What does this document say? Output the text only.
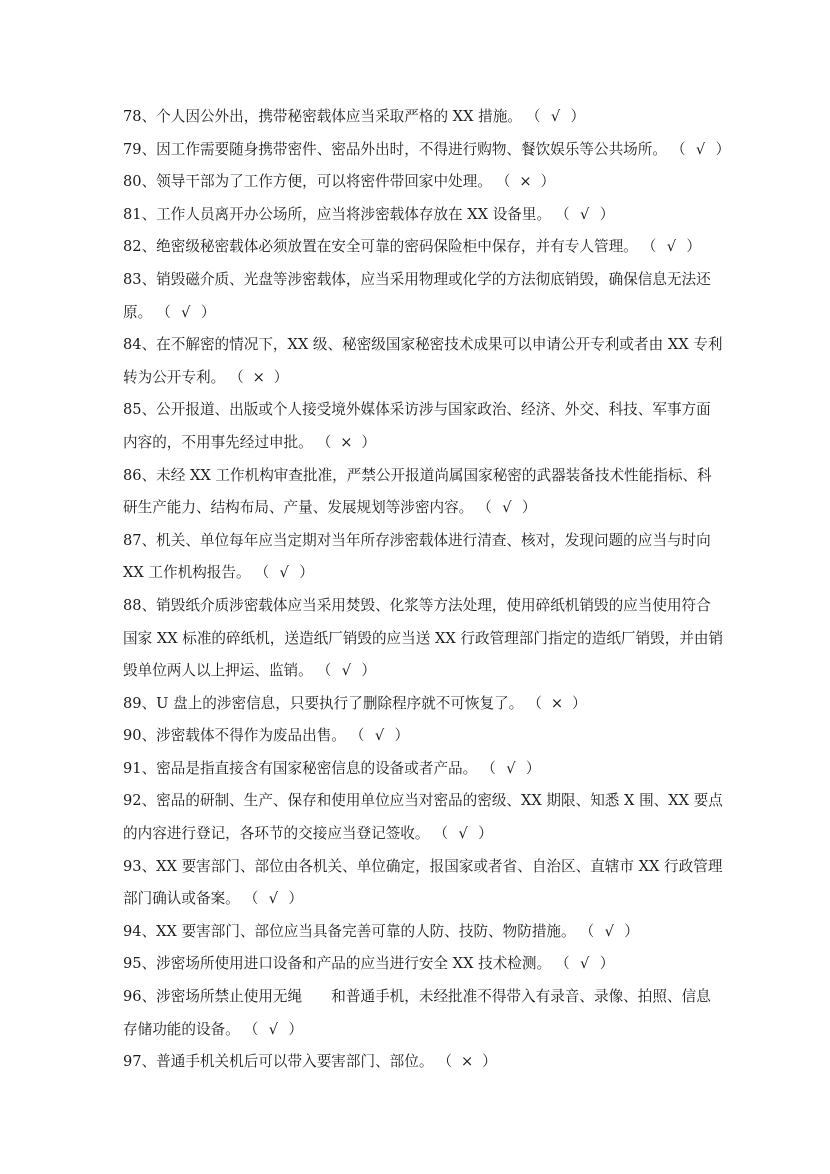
78、个人因公外出，携带秘密载体应当采取严格的 XX 措施。 （ √ ）
79、因工作需要随身携带密件、密品外出时，不得进行购物、餐饮娱乐等公共场所。 （ √ ）
80、领导干部为了工作方便，可以将密件带回家中处理。 （ × ）
81、工作人员离开办公场所，应当将涉密载体存放在 XX 设备里。 （ √ ）
82、绝密级秘密载体必须放置在安全可靠的密码保险柜中保存，并有专人管理。 （ √ ）
83、销毁磁介质、光盘等涉密载体，应当采用物理或化学的方法彻底销毁，确保信息无法还
原。 （ √ ）
84、在不解密的情况下，XX 级、秘密级国家秘密技术成果可以申请公开专利或者由 XX 专利
转为公开专利。 （ × ）
85、公开报道、出版或个人接受境外媒体采访涉与国家政治、经济、外交、科技、军事方面
内容的，不用事先经过申批。 （ × ）
86、未经 XX 工作机构审查批准，严禁公开报道尚属国家秘密的武器装备技术性能指标、科
研生产能力、结构布局、产量、发展规划等涉密内容。 （ √ ）
87、机关、单位每年应当定期对当年所存涉密载体进行清查、核对，发现问题的应当与时向
XX 工作机构报告。 （ √ ）
88、销毁纸介质涉密载体应当采用焚毁、化浆等方法处理，使用碎纸机销毁的应当使用符合
国家 XX 标准的碎纸机，送造纸厂销毁的应当送 XX 行政管理部门指定的造纸厂销毁，并由销
毁单位两人以上押运、监销。 （ √ ）
89、U 盘上的涉密信息，只要执行了删除程序就不可恢复了。 （ × ）
90、涉密载体不得作为废品出售。 （ √ ）
91、密品是指直接含有国家秘密信息的设备或者产品。 （ √ ）
92、密品的研制、生产、保存和使用单位应当对密品的密级、XX 期限、知悉 X 围、XX 要点
的内容进行登记，各环节的交接应当登记签收。 （ √ ）
93、XX 要害部门、部位由各机关、单位确定，报国家或者省、自治区、直辖市 XX 行政管理
部门确认或备案。 （ √ ）
94、XX 要害部门、部位应当具备完善可靠的人防、技防、物防措施。 （ √ ）
95、涉密场所使用进口设备和产品的应当进行安全 XX 技术检测。 （ √ ）
96、涉密场所禁止使用无绳　　和普通手机，未经批准不得带入有录音、录像、拍照、信息
存储功能的设备。 （ √ ）
97、普通手机关机后可以带入要害部门、部位。 （ × ）
